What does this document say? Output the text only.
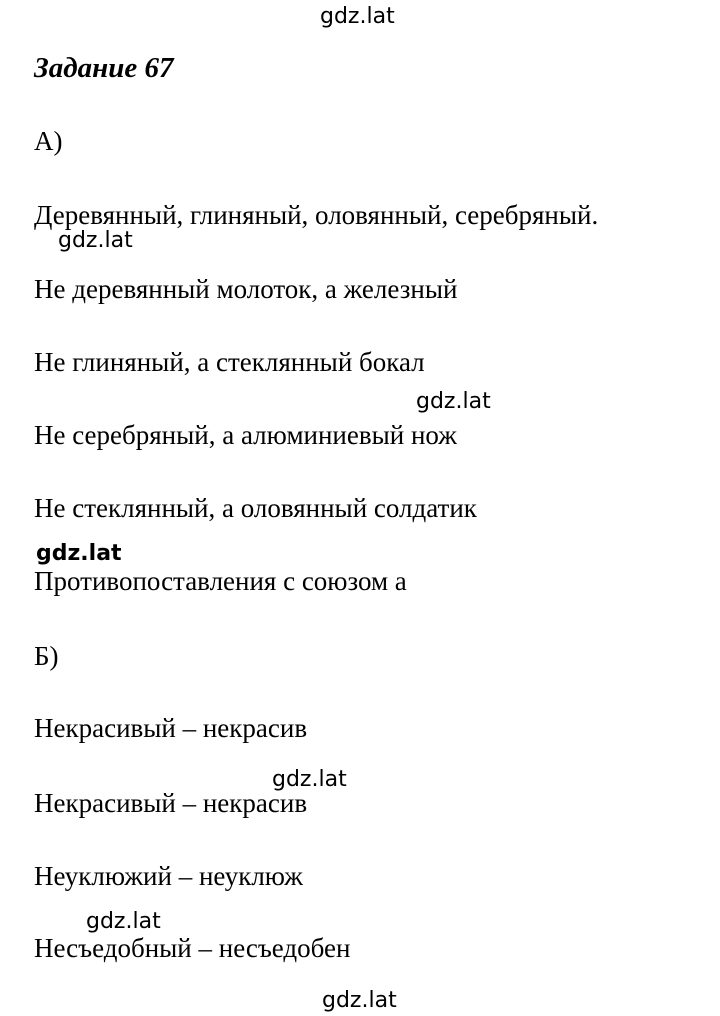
gdz.lat
Задание 67
А)
Деревянный, глиняный, оловянный, серебряный.
gdz.lat
Не деревянный молоток, а железный
Не глиняный, а стеклянный бокал
gdz.lat
Не серебряный, а алюминиевый нож
Не стеклянный, а оловянный солдатик
gdz.lat
Противопоставления с союзом а
Б)
Некрасивый – некрасив
gdz.lat
Некрасивый – некрасив
Неуклюжий – неуклюж
gdz.lat
Несъедобный – несъедобен
gdz.lat
